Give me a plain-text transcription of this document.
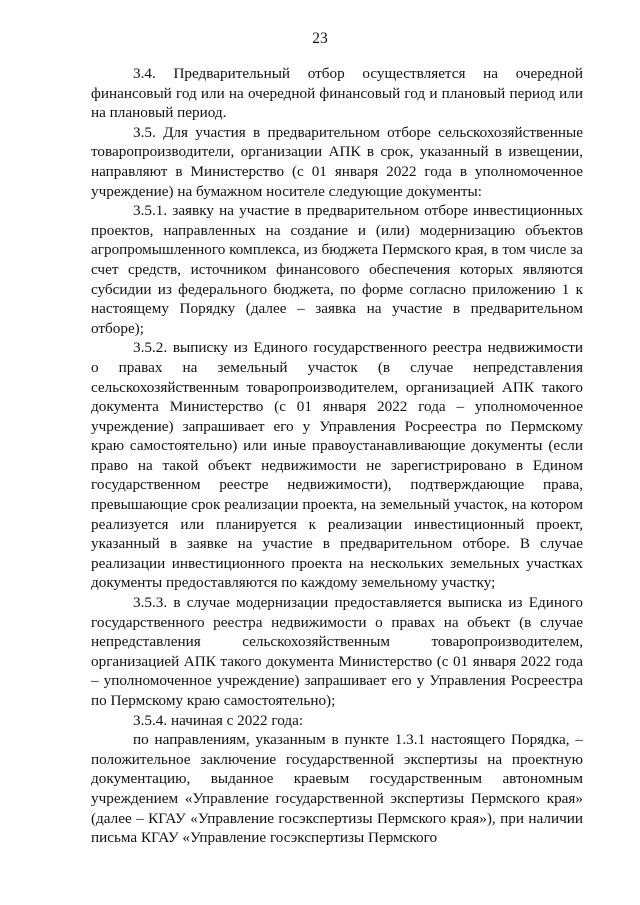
23

3.4. Предварительный отбор осуществляется на очередной финансовый год или на очередной финансовый год и плановый период или на плановый период.

3.5. Для участия в предварительном отборе сельскохозяйственные товаропроизводители, организации АПК в срок, указанный в извещении, направляют в Министерство (с 01 января 2022 года в уполномоченное учреждение) на бумажном носителе следующие документы:

3.5.1. заявку на участие в предварительном отборе инвестиционных проектов, направленных на создание и (или) модернизацию объектов агропромышленного комплекса, из бюджета Пермского края, в том числе за счет средств, источником финансового обеспечения которых являются субсидии из федерального бюджета, по форме согласно приложению 1 к настоящему Порядку (далее – заявка на участие в предварительном отборе);

3.5.2. выписку из Единого государственного реестра недвижимости о правах на земельный участок (в случае непредставления сельскохозяйственным товаропроизводителем, организацией АПК такого документа Министерство (с 01 января 2022 года – уполномоченное учреждение) запрашивает его у Управления Росреестра по Пермскому краю самостоятельно) или иные правоустанавливающие документы (если право на такой объект недвижимости не зарегистрировано в Едином государственном реестре недвижимости), подтверждающие права, превышающие срок реализации проекта, на земельный участок, на котором реализуется или планируется к реализации инвестиционный проект, указанный в заявке на участие в предварительном отборе. В случае реализации инвестиционного проекта на нескольких земельных участках документы предоставляются по каждому земельному участку;

3.5.3. в случае модернизации предоставляется выписка из Единого государственного реестра недвижимости о правах на объект (в случае непредставления сельскохозяйственным товаропроизводителем, организацией АПК такого документа Министерство (с 01 января 2022 года – уполномоченное учреждение) запрашивает его у Управления Росреестра по Пермскому краю самостоятельно);

3.5.4. начиная с 2022 года:

по направлениям, указанным в пункте 1.3.1 настоящего Порядка, – положительное заключение государственной экспертизы на проектную документацию, выданное краевым государственным автономным учреждением «Управление государственной экспертизы Пермского края» (далее – КГАУ «Управление госэкспертизы Пермского края»), при наличии письма КГАУ «Управление госэкспертизы Пермского
